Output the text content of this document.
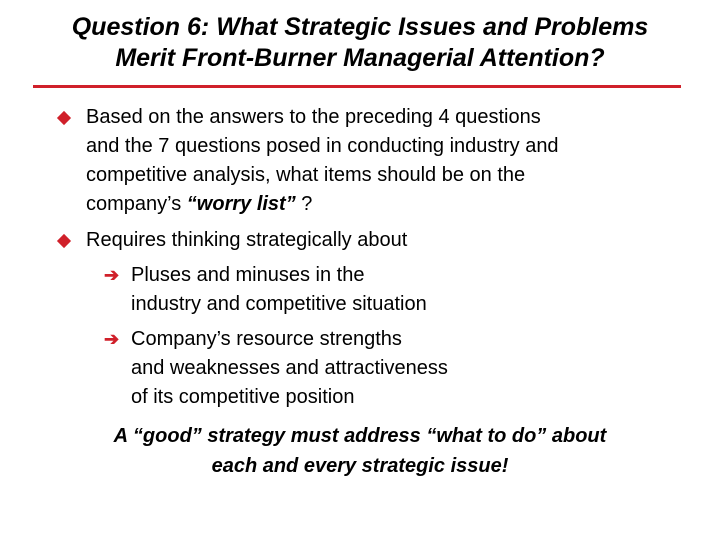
Question 6: What Strategic Issues and Problems
Merit Front-Burner Managerial Attention?
Based on the answers to the preceding 4 questions
and the 7 questions posed in conducting industry and
competitive analysis, what items should be on the
company’s “worry list” ?
Requires thinking strategically about
➔ Pluses and minuses in the
industry and competitive situation
➔ Company’s resource strengths
and weaknesses and attractiveness
of its competitive position
A “good” strategy must address “what to do” about
each and every strategic issue!
